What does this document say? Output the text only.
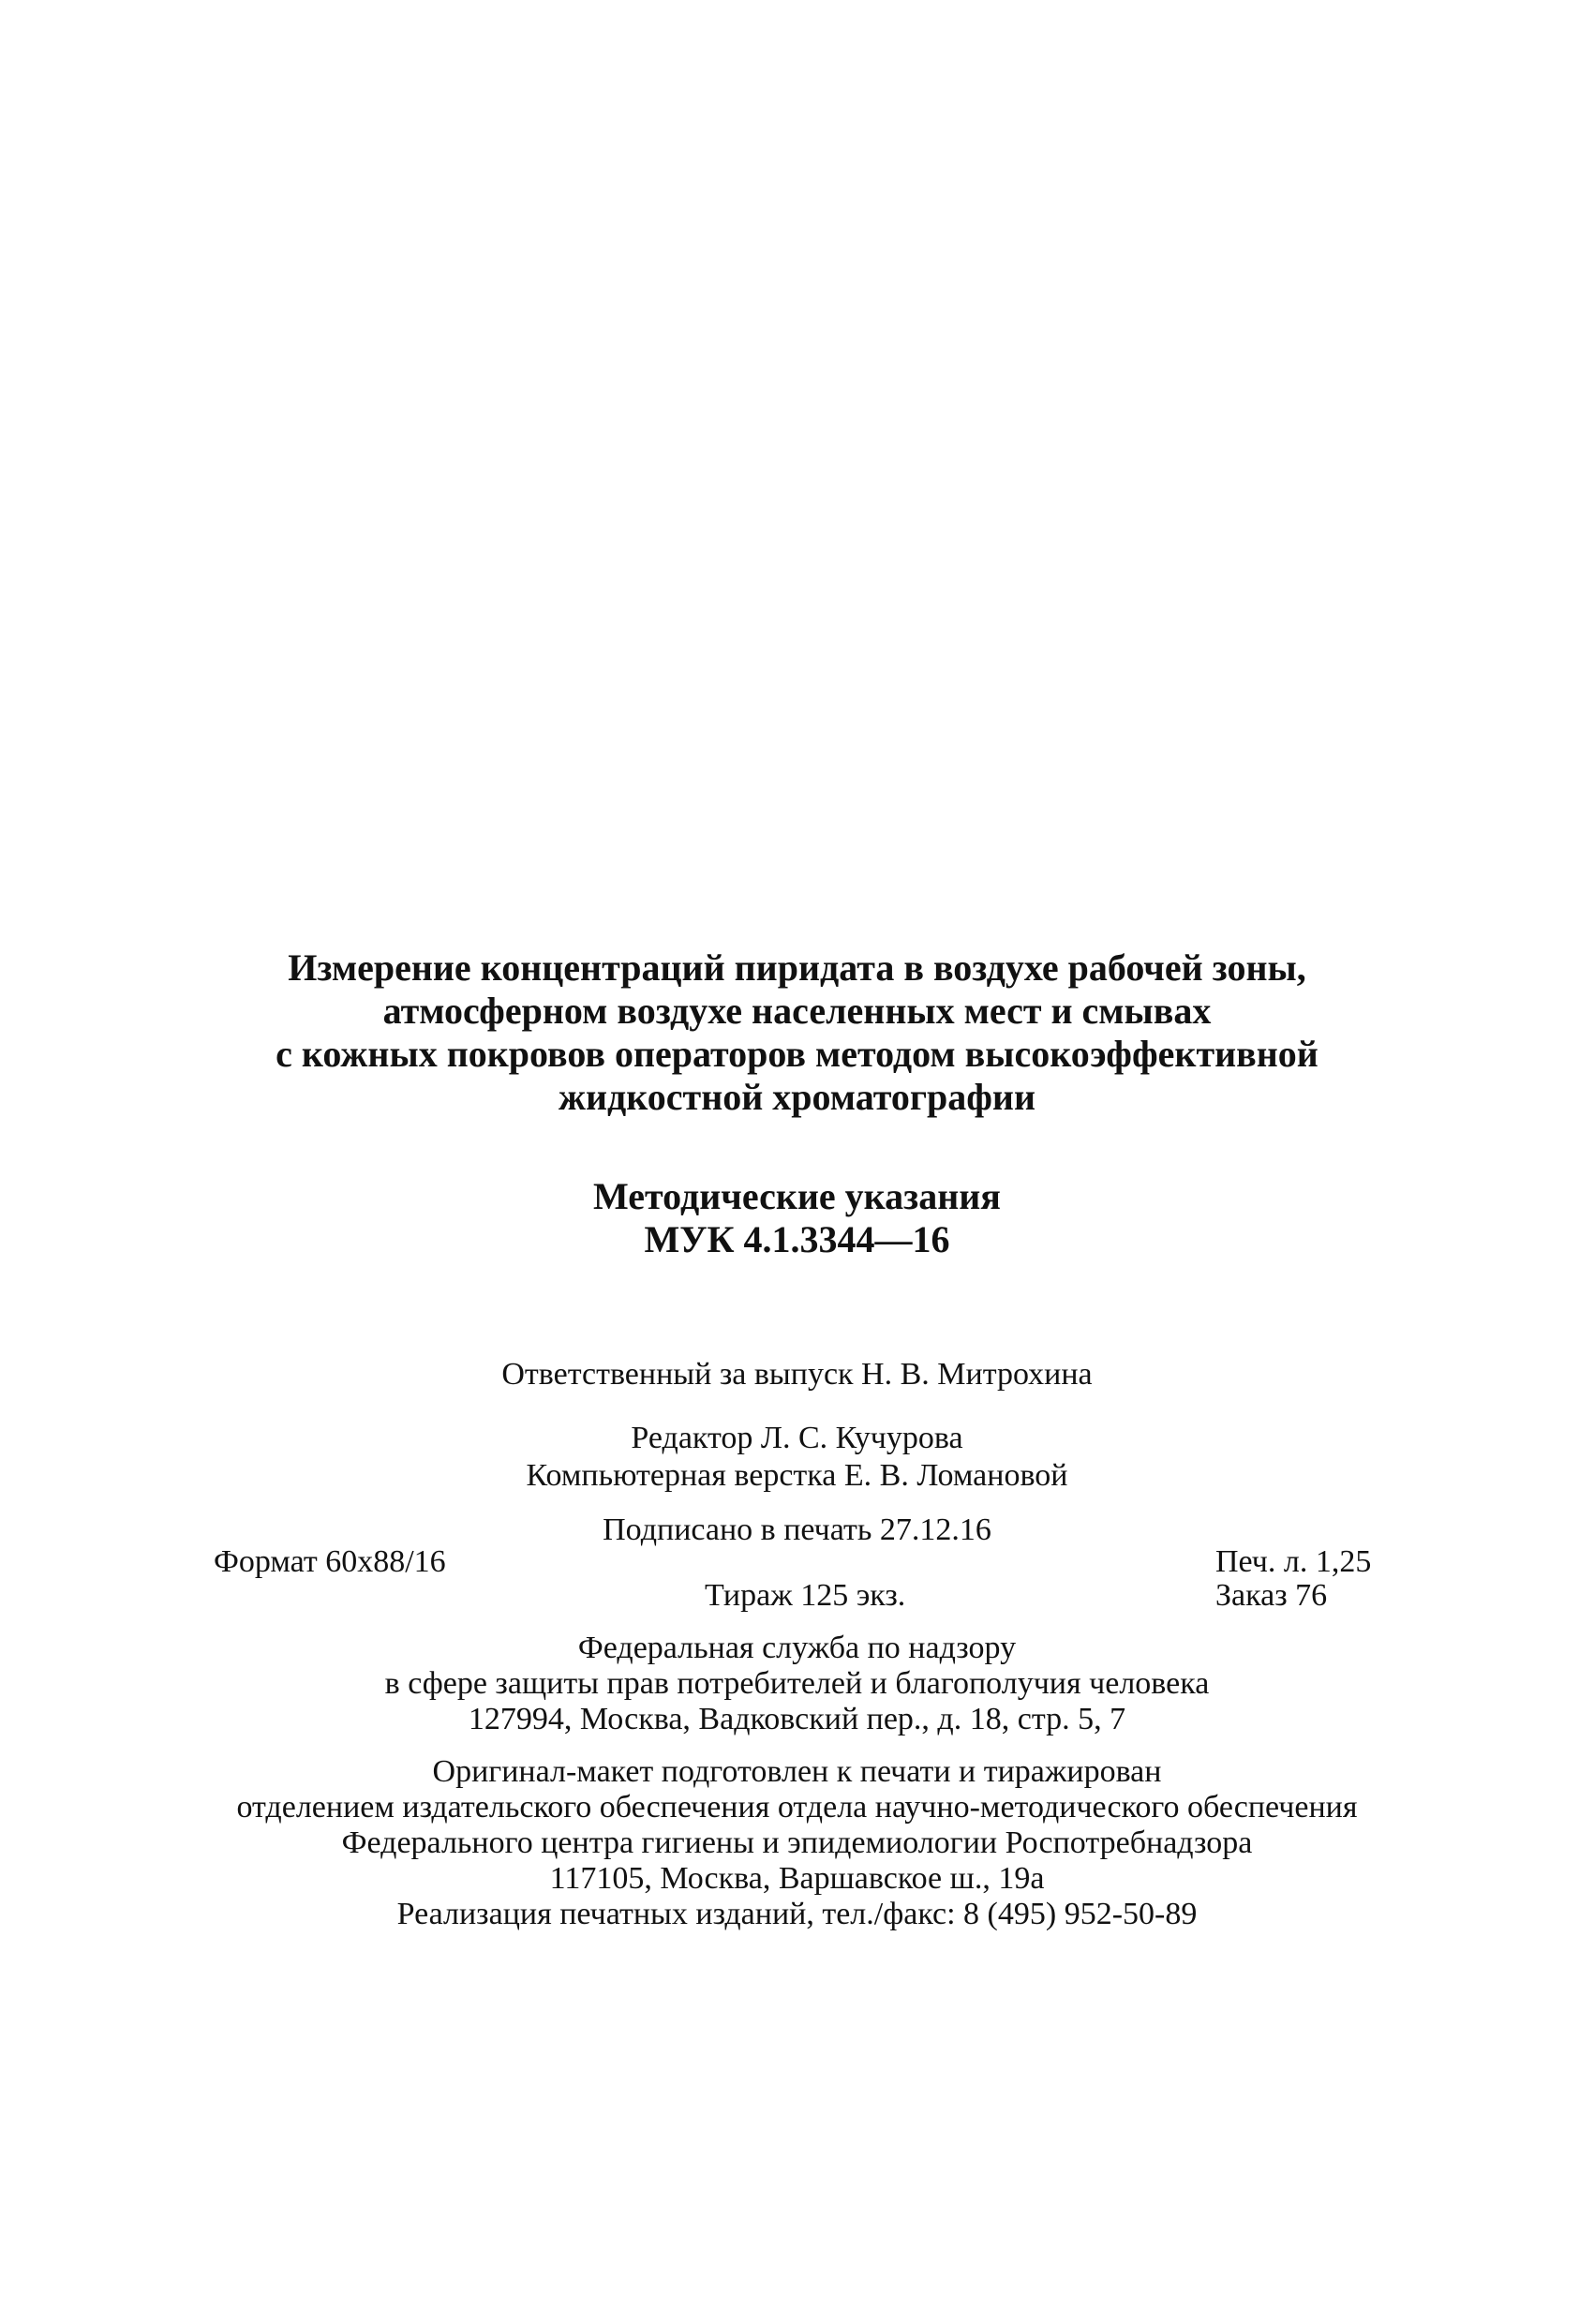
Измерение концентраций пиридата в воздухе рабочей зоны,
атмосферном воздухе населенных мест и смывах
с кожных покровов операторов методом высокоэффективной
жидкостной хроматографии
Методические указания
МУК 4.1.3344—16
Ответственный за выпуск Н. В. Митрохина
Редактор Л. С. Кучурова
Компьютерная верстка Е. В. Ломановой
Подписано в печать 27.12.16
Формат 60x88/16	Печ. л. 1,25
Тираж 125 экз.	Заказ 76
Федеральная служба по надзору
в сфере защиты прав потребителей и благополучия человека
127994, Москва, Вадковский пер., д. 18, стр. 5, 7
Оригинал-макет подготовлен к печати и тиражирован
отделением издательского обеспечения отдела научно-методического обеспечения
Федерального центра гигиены и эпидемиологии Роспотребнадзора
117105, Москва, Варшавское ш., 19а
Реализация печатных изданий, тел./факс: 8 (495) 952-50-89
